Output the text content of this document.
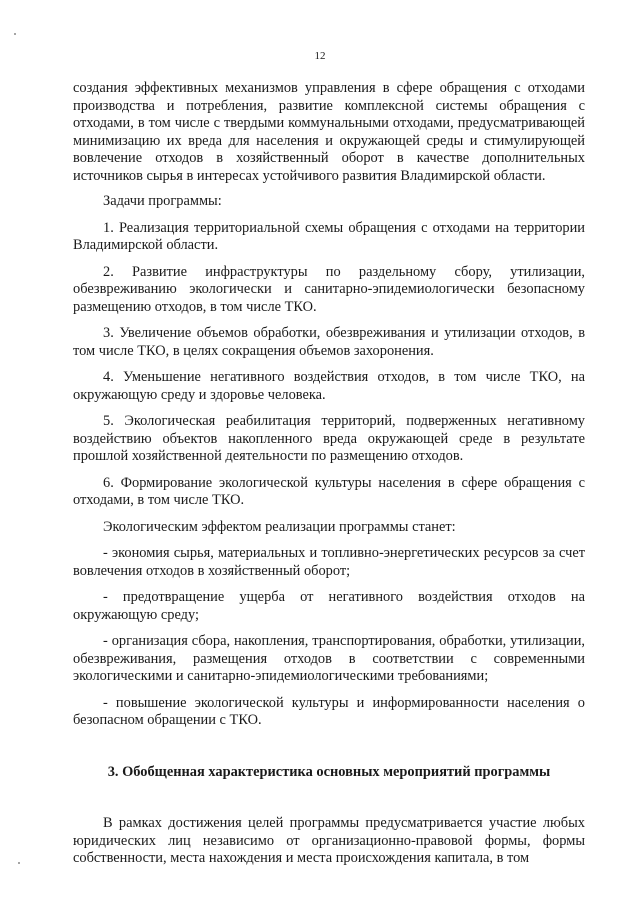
12

создания эффективных механизмов управления в сфере обращения с отходами производства и потребления, развитие комплексной системы обращения с отходами, в том числе с твердыми коммунальными отходами, предусматривающей минимизацию их вреда для населения и окружающей среды и стимулирующей вовлечение отходов в хозяйственный оборот в качестве дополнительных источников сырья в интересах устойчивого развития Владимирской области.

Задачи программы:

1. Реализация территориальной схемы обращения с отходами на территории Владимирской области.

2. Развитие инфраструктуры по раздельному сбору, утилизации, обезвреживанию экологически и санитарно-эпидемиологически безопасному размещению отходов, в том числе ТКО.

3. Увеличение объемов обработки, обезвреживания и утилизации отходов, в том числе ТКО, в целях сокращения объемов захоронения.

4. Уменьшение негативного воздействия отходов, в том числе ТКО, на окружающую среду и здоровье человека.

5. Экологическая реабилитация территорий, подверженных негативному воздействию объектов накопленного вреда окружающей среде в результате прошлой хозяйственной деятельности по размещению отходов.

6. Формирование экологической культуры населения в сфере обращения с отходами, в том числе ТКО.

Экологическим эффектом реализации программы станет:

- экономия сырья, материальных и топливно-энергетических ресурсов за счет вовлечения отходов в хозяйственный оборот;

- предотвращение ущерба от негативного воздействия отходов на окружающую среду;

- организация сбора, накопления, транспортирования, обработки, утилизации, обезвреживания, размещения отходов в соответствии с современными экологическими и санитарно-эпидемиологическими требованиями;

- повышение экологической культуры и информированности населения о безопасном обращении с ТКО.

3. Обобщенная характеристика основных мероприятий программы

В рамках достижения целей программы предусматривается участие любых юридических лиц независимо от организационно-правовой формы, формы собственности, места нахождения и места происхождения капитала, в том
